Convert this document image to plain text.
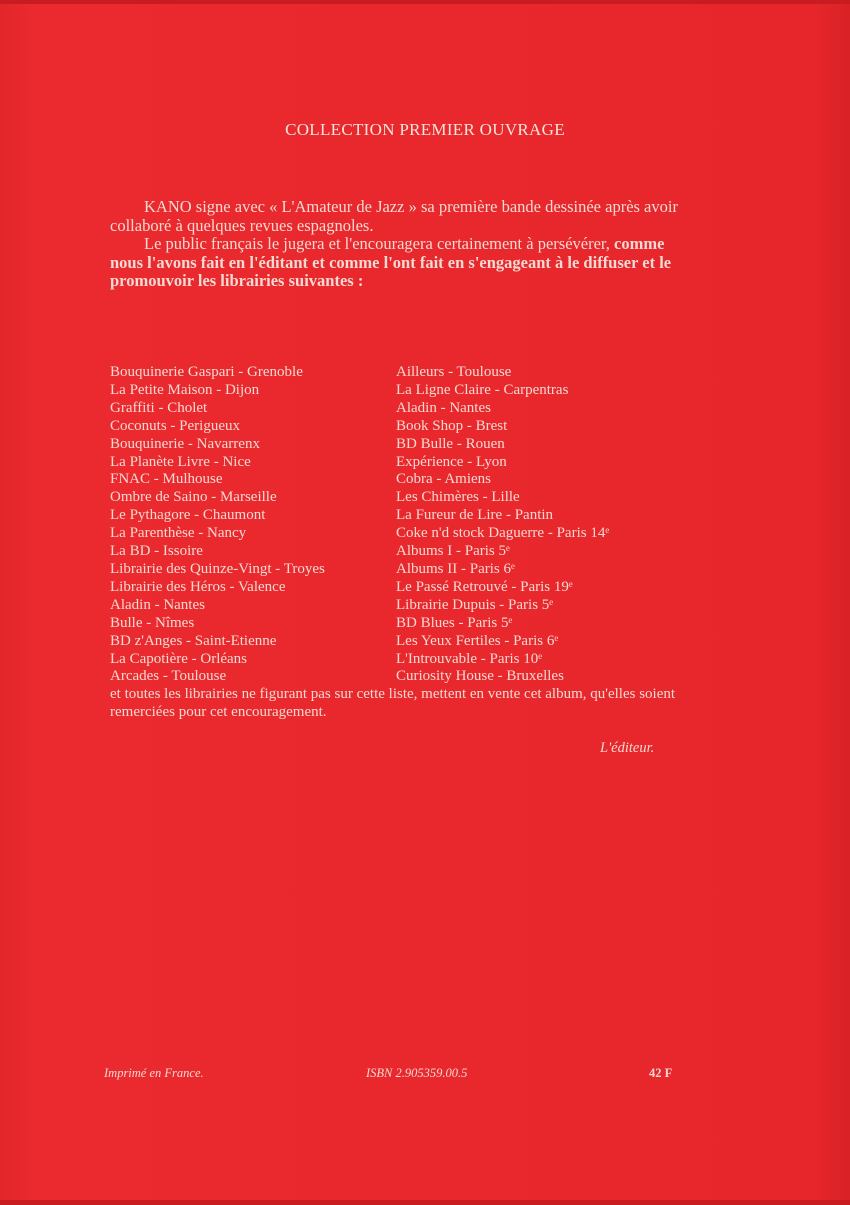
COLLECTION PREMIER OUVRAGE

KANO signe avec « L'Amateur de Jazz » sa première bande dessinée après avoir collaboré à quelques revues espagnoles.

Le public français le jugera et l'encouragera certainement à persévérer, comme nous l'avons fait en l'éditant et comme l'ont fait en s'engageant à le diffuser et le promouvoir les librairies suivantes :

Bouquinerie Gaspari - Grenoble
La Petite Maison - Dijon
Graffiti - Cholet
Coconuts - Perigueux
Bouquinerie - Navarrenx
La Planète Livre - Nice
FNAC - Mulhouse
Ombre de Saino - Marseille
Le Pythagore - Chaumont
La Parenthèse - Nancy
La BD - Issoire
Librairie des Quinze-Vingt - Troyes
Librairie des Héros - Valence
Aladin - Nantes
Bulle - Nîmes
BD z'Anges - Saint-Etienne
La Capotière - Orléans
Arcades - Toulouse
Ailleurs - Toulouse
La Ligne Claire - Carpentras
Aladin - Nantes
Book Shop - Brest
BD Bulle - Rouen
Expérience - Lyon
Cobra - Amiens
Les Chimères - Lille
La Fureur de Lire - Pantin
Coke n'd stock Daguerre - Paris 14ᵉ
Albums I - Paris 5ᵉ
Albums II - Paris 6ᵉ
Le Passé Retrouvé - Paris 19ᵉ
Librairie Dupuis - Paris 5ᵉ
BD Blues - Paris 5ᵉ
Les Yeux Fertiles - Paris 6ᵉ
L'Introuvable - Paris 10ᵉ
Curiosity House - Bruxelles

et toutes les librairies ne figurant pas sur cette liste, mettent en vente cet album, qu'elles soient remerciées pour cet encouragement.

L'éditeur.
Imprimé en France.	ISBN 2.905359.00.5	42 F
